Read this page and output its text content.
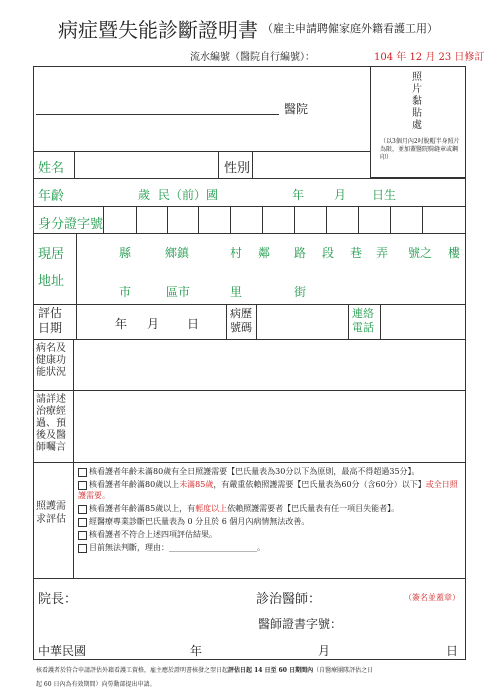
病症暨失能診斷證明書 （雇主申請聘僱家庭外籍看護工用）
流水編號（醫院自行編號）：	104 年 12 月 23 日修訂
醫院
照片黏貼處
（以3個月內2吋脫帽半身照片為限，並加蓋醫院騎縫章或鋼印）
姓名	性別
年齡	歲 民（前）國	年 月 日生
身分證字號
現居
地址
縣	鄉鎮	村 鄰 路 段 巷 弄 號之 樓
市	區市	里	街
評估日期	年 月 日
病歷號碼
連絡電話
病名及健康功能狀況
請詳述治療經過、預後及醫師囑言
照護需求評估
核看護者年齡未滿80歲有全日照護需要【巴氏量表為30分以下為原則，最高不得超過35分】。
核看護者年齡滿80歲以上未滿85歲，有嚴重依賴照護需要【巴氏量表為60分（含60分）以下】或全日照護需要。
核看護者年齡滿85歲以上，有輕度以上依賴照護需要者【巴氏量表有任一項目失能者】。
經醫療專業診斷巴氏量表為 0 分且於 6 個月內病情無法改善。
核看護者不符合上述四項評估結果。
目前無法判斷，理由：______________________。
院長：	診治醫師：	（簽名並蓋章）
醫師證書字號：
中華民國	年	月	日
核看護者於符合申請評估外籍看護工資格，雇主應於證明書核發之翌日起評估日起 14 日至 60 日期間內（自醫療團隊評估之日
起 60 日內為有效期間）向勞動部提出申請。
